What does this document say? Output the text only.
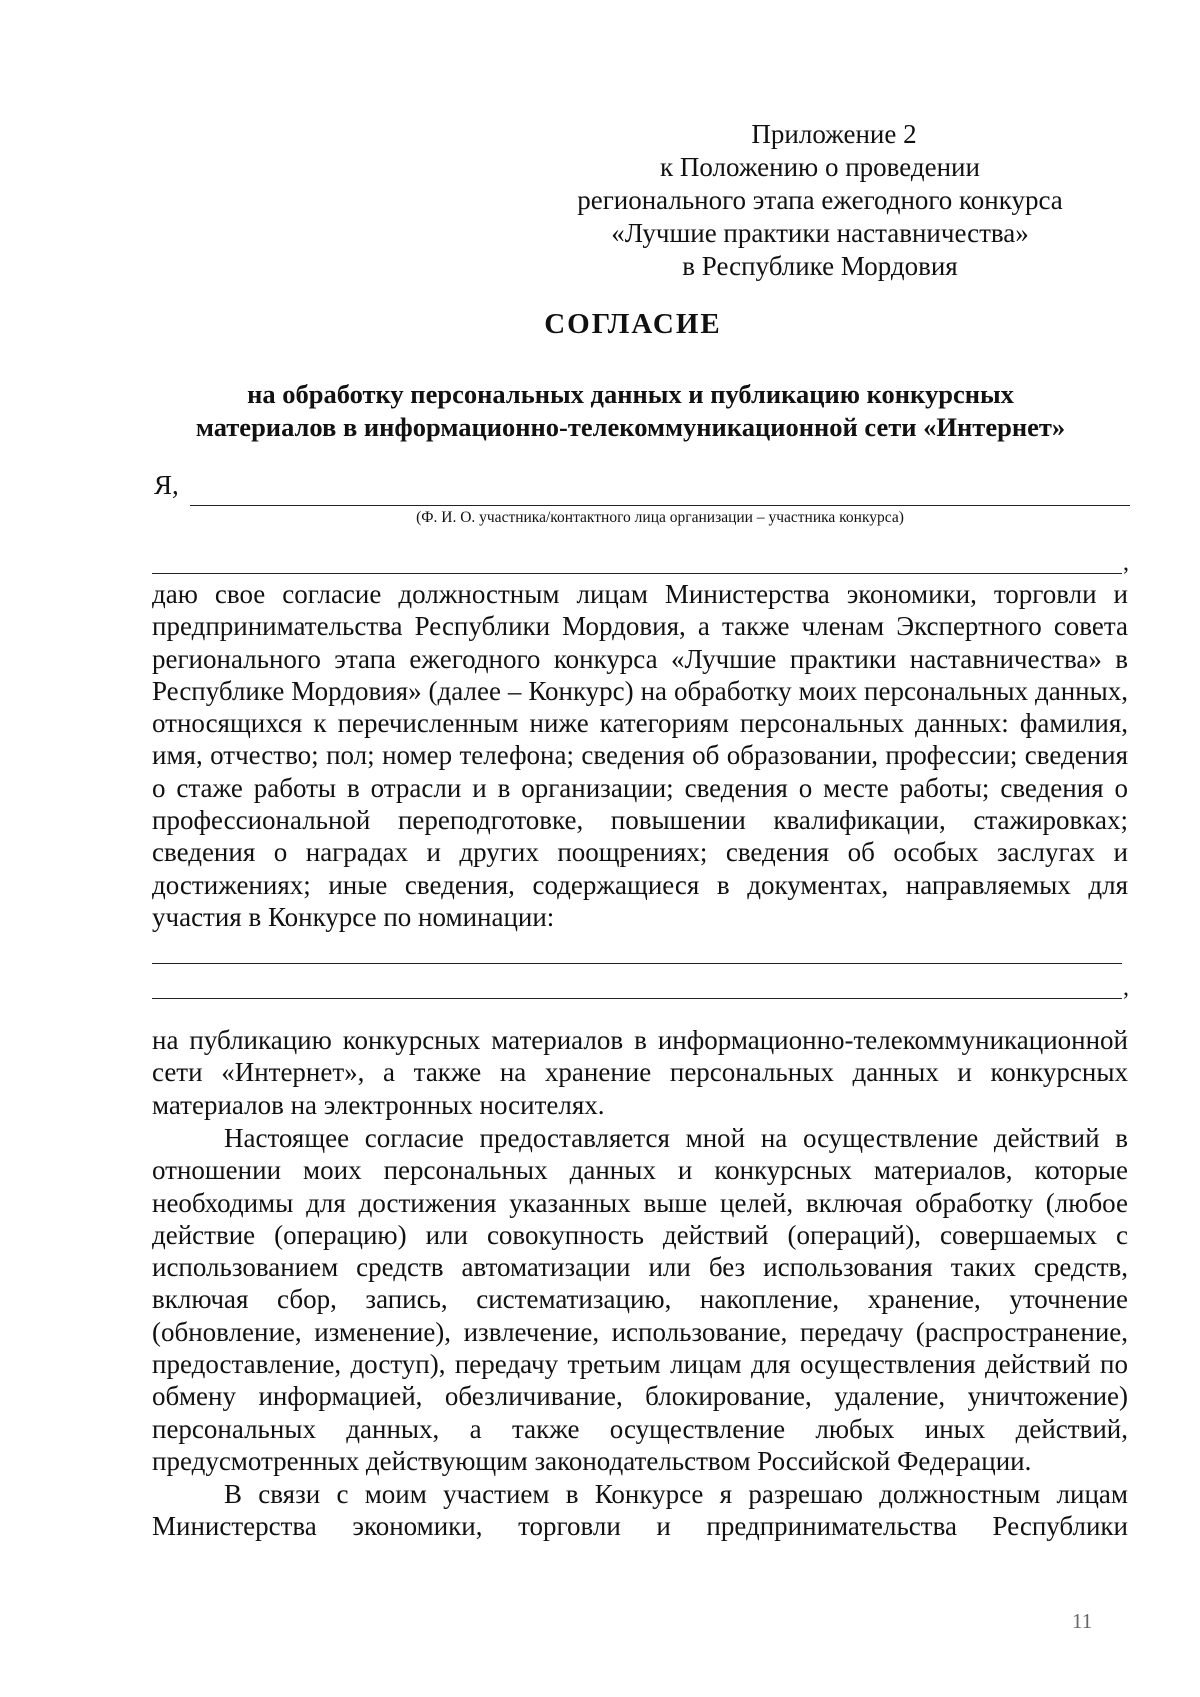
Приложение 2
к Положению о проведении
регионального этапа ежегодного конкурса
«Лучшие практики наставничества»
в Республике Мордовия
СОГЛАСИЕ
на обработку персональных данных и публикацию конкурсных
материалов в информационно-телекоммуникационной сети «Интернет»
Я,
(Ф. И. О. участника/контактного лица организации – участника конкурса)
,
даю свое согласие должностным лицам Министерства экономики, торговли и предпринимательства Республики Мордовия, а также членам Экспертного совета регионального этапа ежегодного конкурса «Лучшие практики наставничества» в Республике Мордовия» (далее – Конкурс) на обработку моих персональных данных, относящихся к перечисленным ниже категориям персональных данных: фамилия, имя, отчество; пол; номер телефона; сведения об образовании, профессии; сведения о стаже работы в отрасли и в организации; сведения о месте работы; сведения о профессиональной переподготовке, повышении квалификации, стажировках; сведения о наградах и других поощрениях; сведения об особых заслугах и достижениях; иные сведения, содержащиеся в документах, направляемых для участия в Конкурсе по номинации:
,
на публикацию конкурсных материалов в информационно-телекоммуникационной сети «Интернет», а также на хранение персональных данных и конкурсных материалов на электронных носителях.
Настоящее согласие предоставляется мной на осуществление действий в отношении моих персональных данных и конкурсных материалов, которые необходимы для достижения указанных выше целей, включая обработку (любое действие (операцию) или совокупность действий (операций), совершаемых с использованием средств автоматизации или без использования таких средств, включая сбор, запись, систематизацию, накопление, хранение, уточнение (обновление, изменение), извлечение, использование, передачу (распространение, предоставление, доступ), передачу третьим лицам для осуществления действий по обмену информацией, обезличивание, блокирование, удаление, уничтожение) персональных данных, а также осуществление любых иных действий, предусмотренных действующим законодательством Российской Федерации.
В связи с моим участием в Конкурсе я разрешаю должностным лицам Министерства экономики, торговли и предпринимательства Республики
11
